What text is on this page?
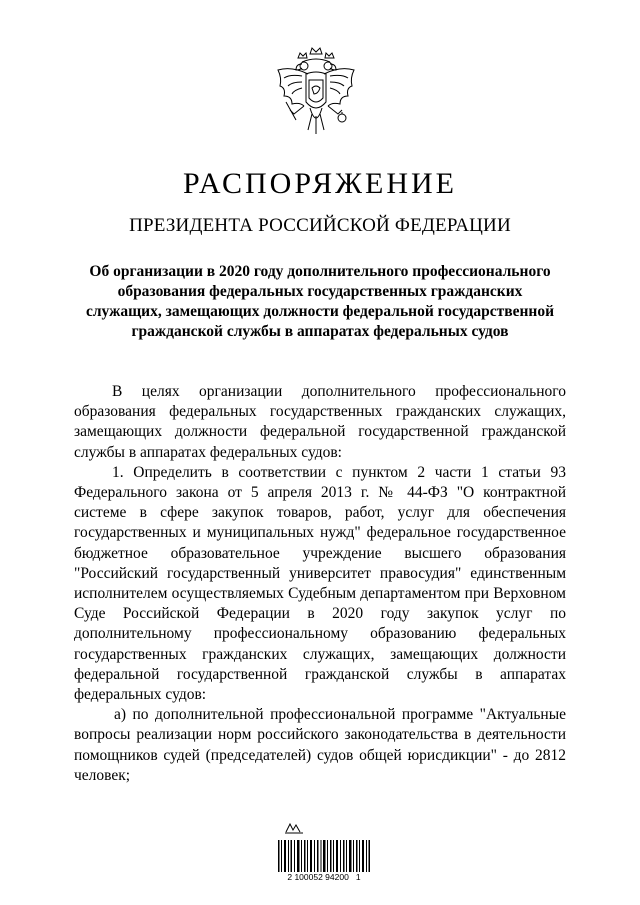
РАСПОРЯЖЕНИЕ
ПРЕЗИДЕНТА РОССИЙСКОЙ ФЕДЕРАЦИИ
Об организации в 2020 году дополнительного профессионального образования федеральных государственных гражданских служащих, замещающих должности федеральной государственной гражданской службы в аппаратах федеральных судов

В целях организации дополнительного профессионального образования федеральных государственных гражданских служащих, замещающих должности федеральной государственной гражданской службы в аппаратах федеральных судов:

1. Определить в соответствии с пунктом 2 части 1 статьи 93 Федерального закона от 5 апреля 2013 г. № 44-ФЗ "О контрактной системе в сфере закупок товаров, работ, услуг для обеспечения государственных и муниципальных нужд" федеральное государственное бюджетное образовательное учреждение высшего образования "Российский государственный университет правосудия" единственным исполнителем осуществляемых Судебным департаментом при Верховном Суде Российской Федерации в 2020 году закупок услуг по дополнительному профессиональному образованию федеральных государственных гражданских служащих, замещающих должности федеральной государственной гражданской службы в аппаратах федеральных судов:

а) по дополнительной профессиональной программе "Актуальные вопросы реализации норм российского законодательства в деятельности помощников судей (председателей) судов общей юрисдикции" - до 2812 человек;

2 100052 94200   1
